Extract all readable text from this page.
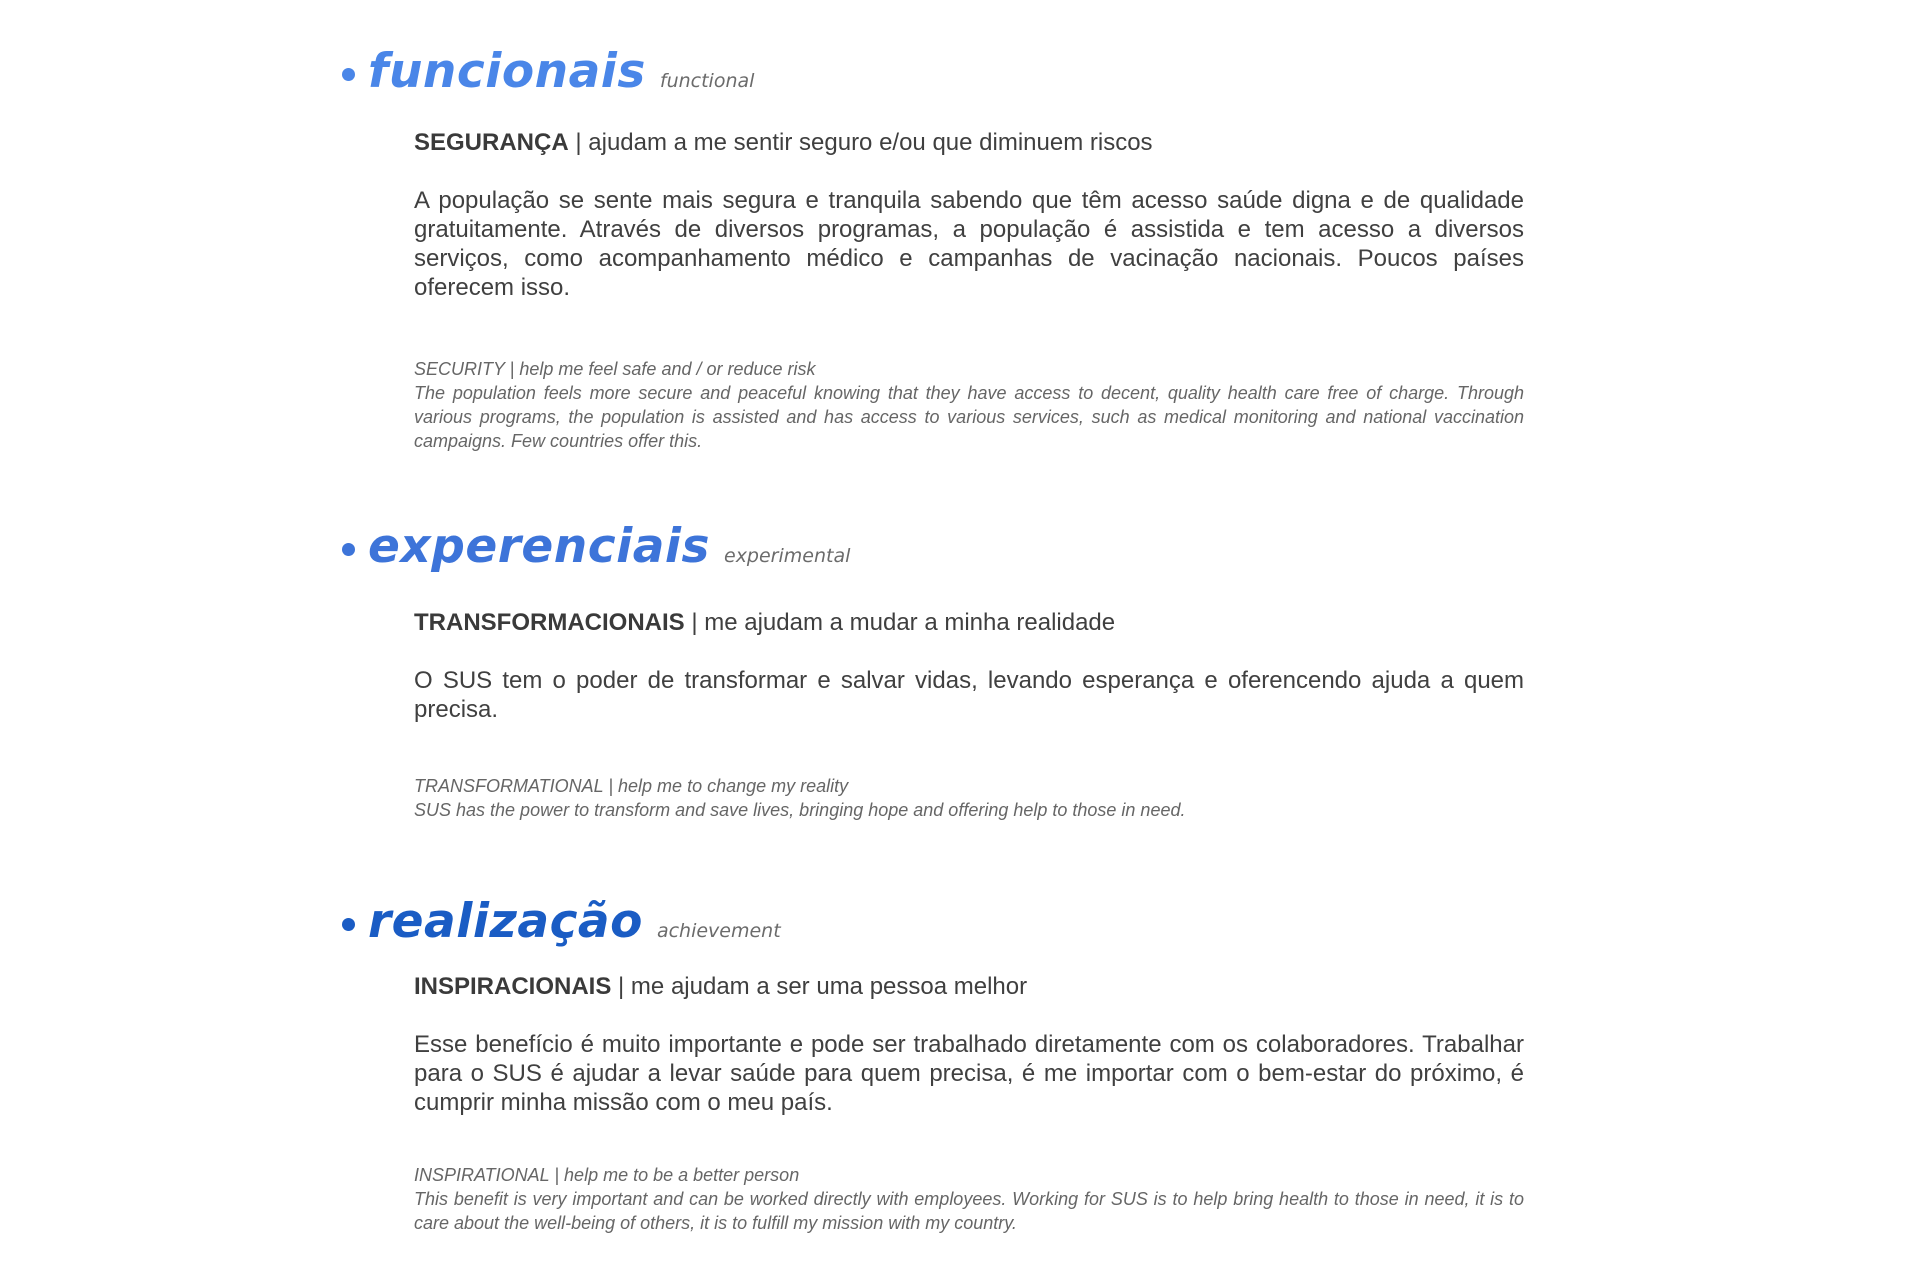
funcionais functional
SEGURANÇA | ajudam a me sentir seguro e/ou que diminuem riscos
A população se sente mais segura e tranquila sabendo que têm acesso saúde digna e de qualidade gratuitamente. Através de diversos programas, a população é assistida e tem acesso a diversos serviços, como acompanhamento médico e campanhas de vacinação nacionais. Poucos países oferecem isso.
SECURITY | help me feel safe and / or reduce risk
The population feels more secure and peaceful knowing that they have access to decent, quality health care free of charge. Through various programs, the population is assisted and has access to various services, such as medical monitoring and national vaccination campaigns. Few countries offer this.
experenciais experimental
TRANSFORMACIONAIS | me ajudam a mudar a minha realidade
O SUS tem o poder de transformar e salvar vidas, levando esperança e oferencendo ajuda a quem precisa.
TRANSFORMATIONAL | help me to change my reality
SUS has the power to transform and save lives, bringing hope and offering help to those in need.
realização achievement
INSPIRACIONAIS | me ajudam a ser uma pessoa melhor
Esse benefício é muito importante e pode ser trabalhado diretamente com os colaboradores. Trabalhar para o SUS é ajudar a levar saúde para quem precisa, é me importar com o bem-estar do próximo, é cumprir minha missão com o meu país.
INSPIRATIONAL | help me to be a better person
This benefit is very important and can be worked directly with employees. Working for SUS is to help bring health to those in need, it is to care about the well-being of others, it is to fulfill my mission with my country.
